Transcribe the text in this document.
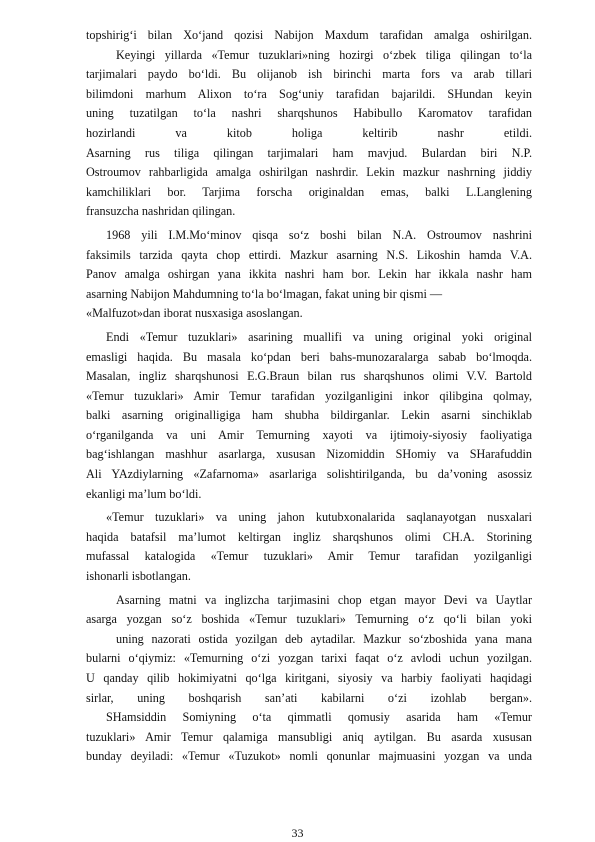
topshirig‘i bilan Xo‘jand qozisi Nabijon Maxdum tarafidan amalga oshirilgan.
Keyingi yillarda «Temur tuzuklari»ning hozirgi o‘zbek tiliga qilingan to‘la
tarjimalari paydo bo‘ldi. Bu olijanob ish birinchi marta fors va arab tillari
bilimdoni marhum Alixon to‘ra Sog‘uniy tarafidan bajarildi. SHundan keyin
uning tuzatilgan to‘la nashri sharqshunos Habibullo Karomatov tarafidan
hozirlandi va kitob holiga keltirib nashr etildi.
Asarning rus tiliga qilingan tarjimalari ham mavjud. Bulardan biri N.P.
Ostroumov rahbarligida amalga oshirilgan nashrdir. Lekin mazkur nashrning jiddiy
kamchiliklari bor. Tarjima forscha originaldan emas, balki L.Langlening
fransuzcha nashridan qilingan.
1968 yili I.M.Mo‘minov qisqa so‘z boshi bilan N.A. Ostroumov nashrini
faksimils tarzida qayta chop ettirdi. Mazkur asarning N.S. Likoshin hamda V.A.
Panov amalga oshirgan yana ikkita nashri ham bor. Lekin har ikkala nashr ham
asarning Nabijon Mahdumning to‘la bo‘lmagan, fakat uning bir qismi —
«Malfuzot»dan iborat nusxasiga asoslangan.
Endi «Temur tuzuklari» asarining muallifi va uning original yoki original
emasligi haqida. Bu masala ko‘pdan beri bahs-munozaralarga sabab bo‘lmoqda.
Masalan, ingliz sharqshunosi E.G.Braun bilan rus sharqshunos olimi V.V. Bartold
«Temur tuzuklari» Amir Temur tarafidan yozilganligini inkor qilibgina qolmay,
balki asarning originalligiga ham shubha bildirganlar. Lekin asarni sinchiklab
o‘rganilganda va uni Amir Temurning xayoti va ijtimoiy-siyosiy faoliyatiga
bag‘ishlangan mashhur asarlarga, xususan Nizomiddin SHomiy va SHarafuddin
Ali YAzdiylarning «Zafarnoma» asarlariga solishtirilganda, bu da’voning asossiz
ekanligi ma’lum bo‘ldi.
«Temur tuzuklari» va uning jahon kutubxonalarida saqlanayotgan nusxalari
haqida batafsil ma’lumot keltirgan ingliz sharqshunos olimi CH.A. Storining
mufassal katalogida «Temur tuzuklari» Amir Temur tarafidan yozilganligi
ishonarli isbotlangan.
Asarning matni va inglizcha tarjimasini chop etgan mayor Devi va Uaytlar
asarga yozgan so‘z boshida «Temur tuzuklari» Temurning o‘z qo‘li bilan yoki
uning nazorati ostida yozilgan deb aytadilar. Mazkur so‘zboshida yana mana
bularni o‘qiymiz: «Temurning o‘zi yozgan tarixi faqat o‘z avlodi uchun yozilgan.
U qanday qilib hokimiyatni qo‘lga kiritgani, siyosiy va harbiy faoliyati haqidagi
sirlar, uning boshqarish san’ati kabilarni o‘zi izohlab bergan».
SHamsiddin Somiyning o‘ta qimmatli qomusiy asarida ham «Temur
tuzuklari» Amir Temur qalamiga mansubligi aniq aytilgan. Bu asarda xususan
bunday deyiladi: «Temur «Tuzukot» nomli qonunlar majmuasini yozgan va unda
33
